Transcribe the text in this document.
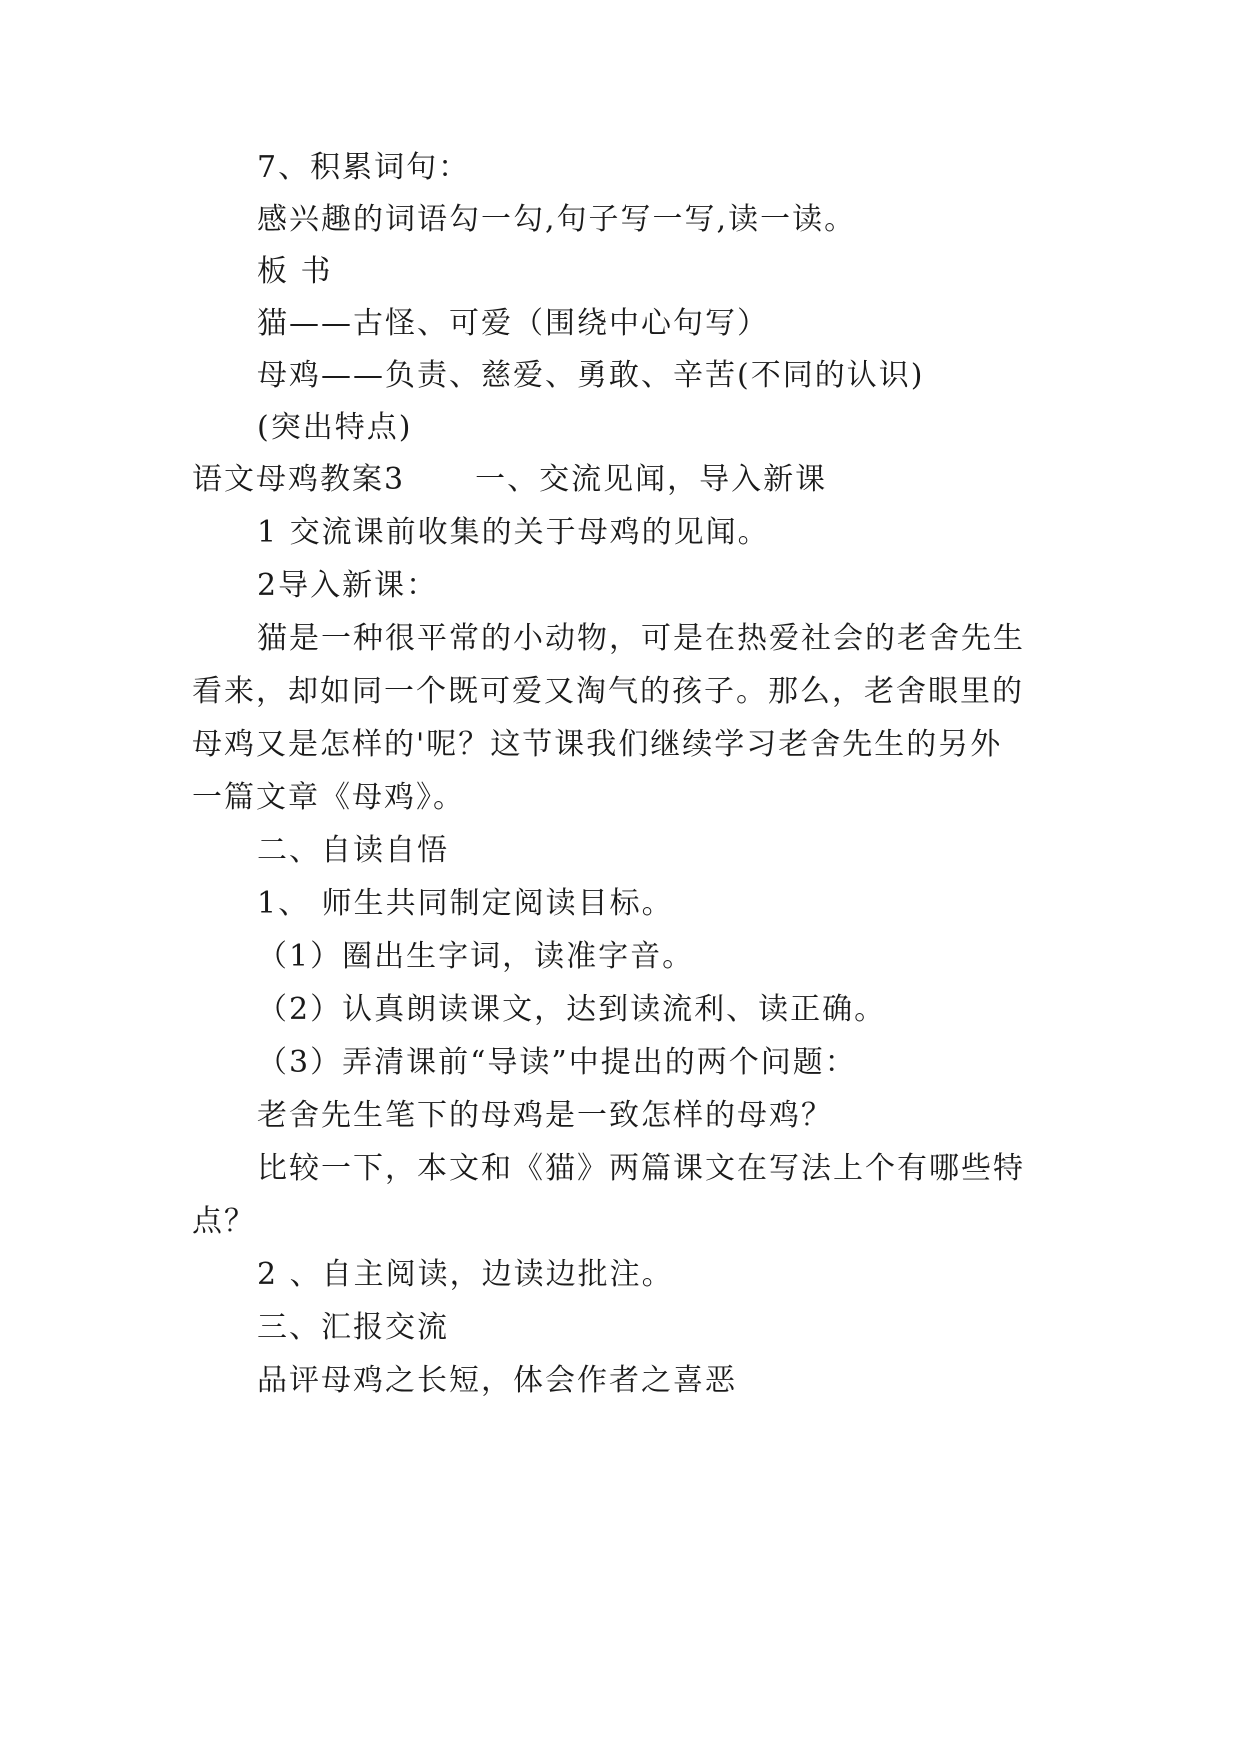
7、积累词句：
感兴趣的词语勾一勾,句子写一写,读一读。
板 书
猫——古怪、可爱（围绕中心句写）
母鸡——负责、慈爱、勇敢、辛苦(不同的认识)
(突出特点)
语文母鸡教案3 一、交流见闻，导入新课
1 交流课前收集的关于母鸡的见闻。
2导入新课：
猫是一种很平常的小动物，可是在热爱社会的老舍先生
看来，却如同一个既可爱又淘气的孩子。那么，老舍眼里的
母鸡又是怎样的'呢？这节课我们继续学习老舍先生的另外
一篇文章《母鸡》。
二、自读自悟
1、 师生共同制定阅读目标。
（1）圈出生字词，读准字音。
（2）认真朗读课文，达到读流利、读正确。
（3）弄清课前“导读”中提出的两个问题：
老舍先生笔下的母鸡是一致怎样的母鸡？
比较一下，本文和《猫》两篇课文在写法上个有哪些特
点？
2 、自主阅读，边读边批注。
三、汇报交流
品评母鸡之长短，体会作者之喜恶
